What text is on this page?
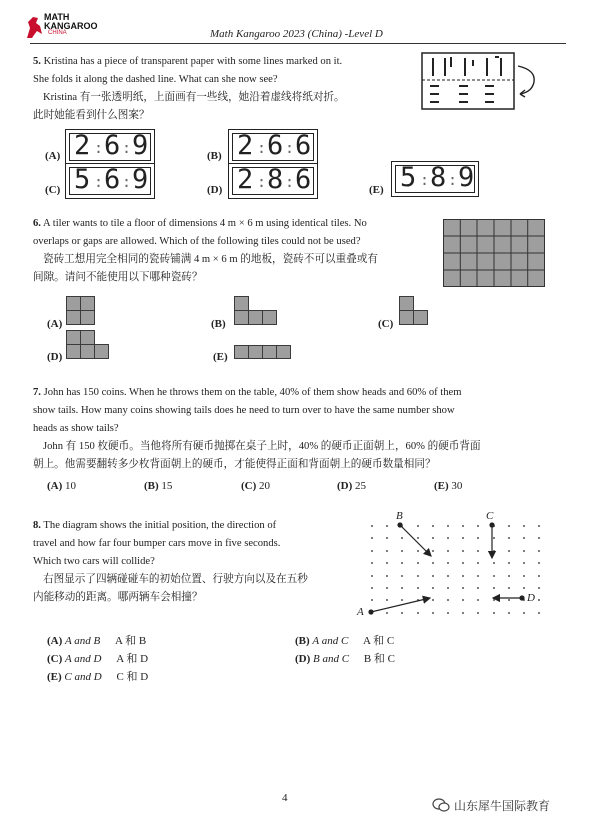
MATH
KANGAROO
CHINA	Math Kangaroo 2023 (China) -Level D
5. Kristina has a piece of transparent paper with some lines marked on it.
She folds it along the dashed line. What can she now see?
Kristina 有一张透明纸，上面画有一些线，她沿着虚线将纸对折。
此时她能看到什么图案？
(A) 2 : 6 : 9	(B) 2 : 6 : 6
(C) 5 : 6 : 9	(D) 2 : 8 : 6	(E) 5 : 8 : 9
6. A tiler wants to tile a floor of dimensions 4 m × 6 m using identical tiles. No
overlaps or gaps are allowed. Which of the following tiles could not be used?
瓷砖工想用完全相同的瓷砖铺满 4 m × 6 m 的地板，瓷砖不可以重叠或有
间隙。请问不能使用以下哪种瓷砖？
(A)	(B)	(C)
(D)	(E)
7. John has 150 coins. When he throws them on the table, 40% of them show heads and 60% of them
show tails. How many coins showing tails does he need to turn over to have the same number show
heads as show tails?
John 有 150 枚硬币。当他将所有硬币抛掷在桌子上时，40% 的硬币正面朝上，60% 的硬币背面
朝上。他需要翻转多少枚背面朝上的硬币，才能使得正面和背面朝上的硬币数量相同？
(A) 10	(B) 15	(C) 20	(D) 25	(E) 30
8. The diagram shows the initial position, the direction of
travel and how far four bumper cars move in five seconds.
Which two cars will collide?
右图显示了四辆碰碰车的初始位置、行驶方向以及在五秒
内能移动的距离。哪两辆车会相撞？
B	C
A
D
(A) A and B A 和 B	(B) A and C A 和 C
(C) A and D A 和 D	(D) B and C B 和 C
(E) C and D C 和 D
4
山东犀牛国际教育
